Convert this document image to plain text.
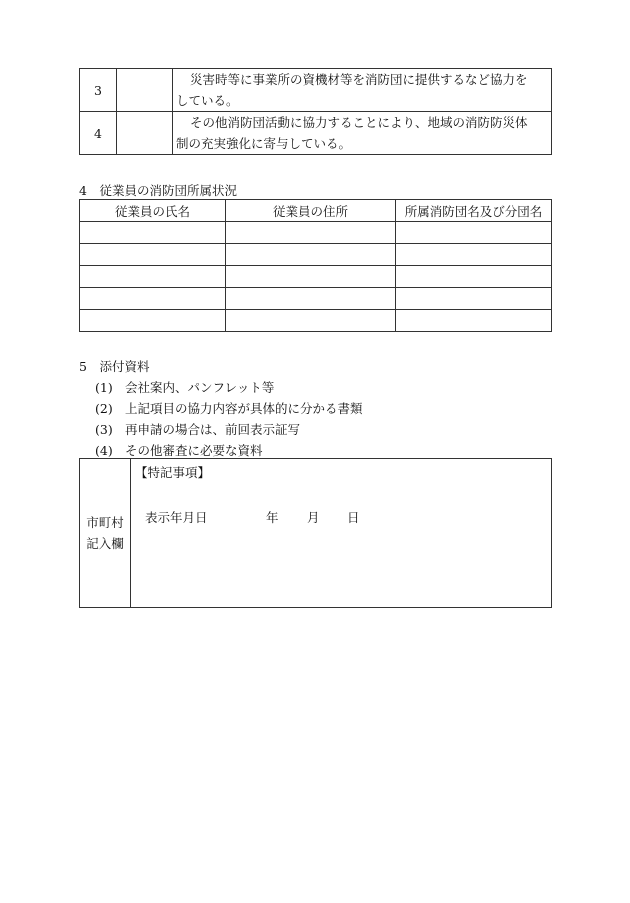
3		災害時等に事業所の資機材等を消防団に提供するなど協力を
している。

4		その他消防団活動に協力することにより、地域の消防防災体
制の充実強化に寄与している。
4　従業員の消防団所属状況
従業員の氏名	従業員の住所	所属消防団名及び分団名

5　添付資料
(1) 会社案内、パンフレット等
(2) 上記項目の協力内容が具体的に分かる書類
(3) 再申請の場合は、前回表示証写
(4) その他審査に必要な資料
市町村
記入欄

【特記事項】
表示年月日	年 月 日
